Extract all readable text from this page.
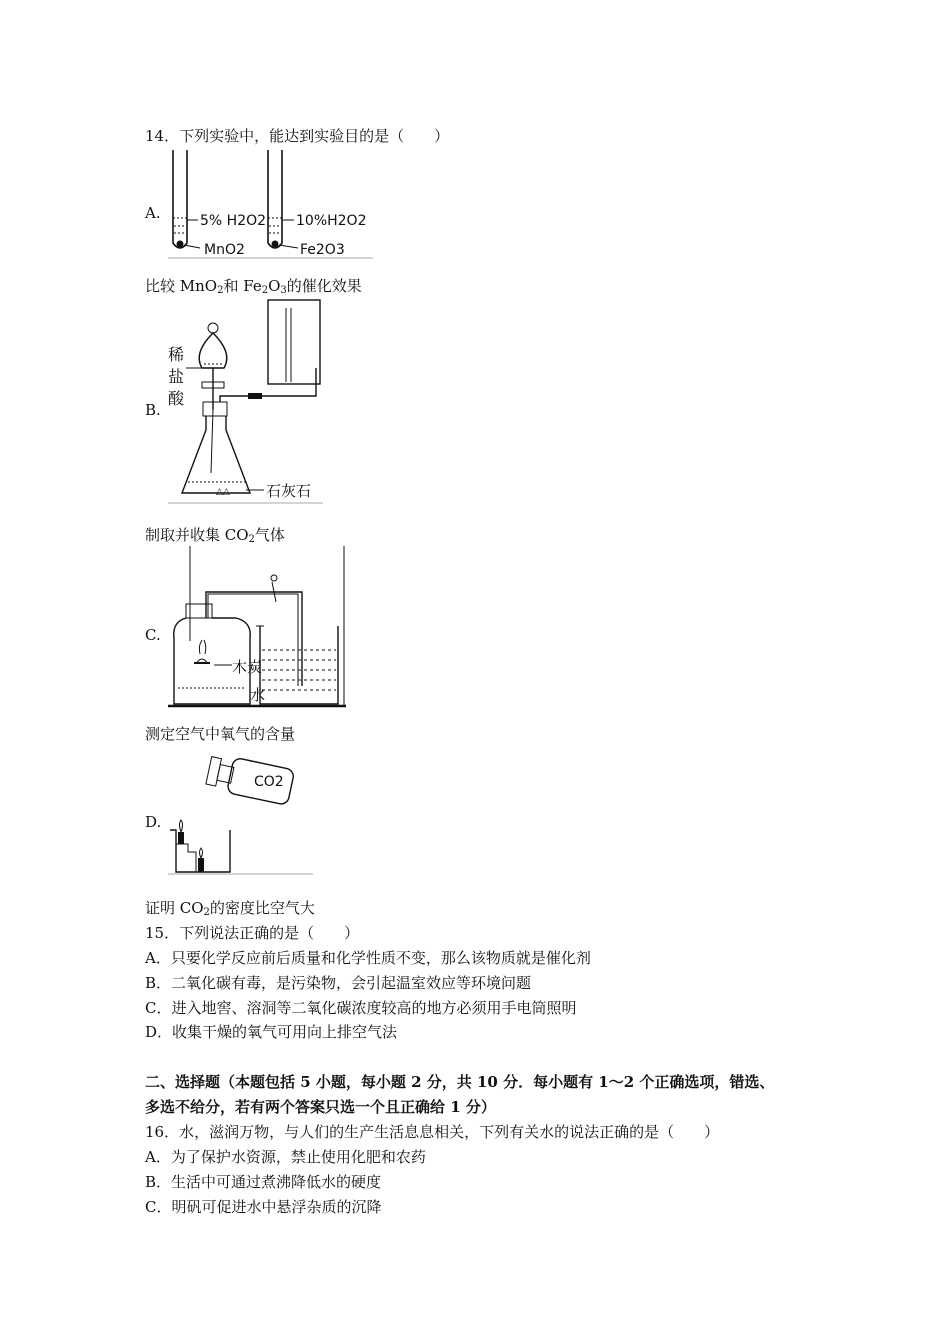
14．下列实验中，能达到实验目的是（　　）
A.	5% H2O2
MnO2
10%H2O2
Fe2O3
比较 MnO$_2$和 $Fe_2O_3$的催化效果
B.
稀
盐
酸
△△ 石灰石
制取并收集 $CO_2$气体
C.
木炭
水
测定空气中氧气的含量
D.
CO2
证明 $CO_2$的密度比空气大
15．下列说法正确的是（　　）
A．只要化学反应前后质量和化学性质不变，那么该物质就是催化剂
B．二氧化碳有毒，是污染物，会引起温室效应等环境问题
C．进入地窖、溶洞等二氧化碳浓度较高的地方必须用手电筒照明
D．收集干燥的氧气可用向上排空气法
二、选择题（本题包括 5 小题，每小题 2 分，共 10 分．每小题有 1～2 个正确选项，错选、
多选不给分，若有两个答案只选一个且正确给 1 分）
16．水，滋润万物，与人们的生产生活息息相关，下列有关水的说法正确的是（　　）
A．为了保护水资源，禁止使用化肥和农药
B．生活中可通过煮沸降低水的硬度
C．明矾可促进水中悬浮杂质的沉降
